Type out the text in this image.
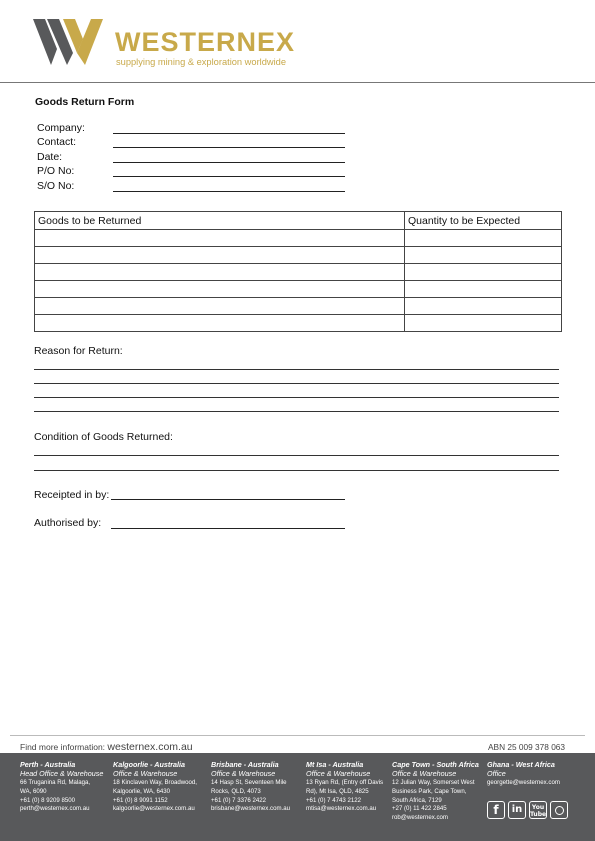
WESTERNEX
supplying mining & exploration worldwide
Goods Return Form
Company:
Contact:
Date:
P/O No:
S/O No:
Goods to be Returned	Quantity to be Expected

Reason for Return:
Condition of Goods Returned:
Receipted in by:
Authorised by:
Find more information: westernex.com.au	ABN 25 009 378 063
Perth - Australia
Head Office & Warehouse
66 Truganina Rd, Malaga,
WA, 6090
+61 (0) 8 9209 8500
perth@westernex.com.au
Kalgoorlie - Australia
Office & Warehouse
18 Kinclaven Way, Broadwood,
Kalgoorlie, WA, 6430
+61 (0) 8 9091 1152
kalgoorlie@westernex.com.au
Brisbane - Australia
Office & Warehouse
14 Hasp St, Seventeen Mile
Rocks, QLD, 4073
+61 (0) 7 3376 2422
brisbane@westernex.com.au
Mt Isa - Australia
Office & Warehouse
13 Ryan Rd, (Entry off Davis
Rd), Mt Isa, QLD, 4825
+61 (0) 7 4743 2122
mtisa@westernex.com.au
Cape Town - South Africa
Office & Warehouse
12 Julian Way, Somerset West
Business Park, Cape Town,
South Africa, 7129
+27 (0) 11 422 2845
rob@westernex.com
Ghana - West Africa
Office
georgette@westernex.com
f	in	You
Tube
